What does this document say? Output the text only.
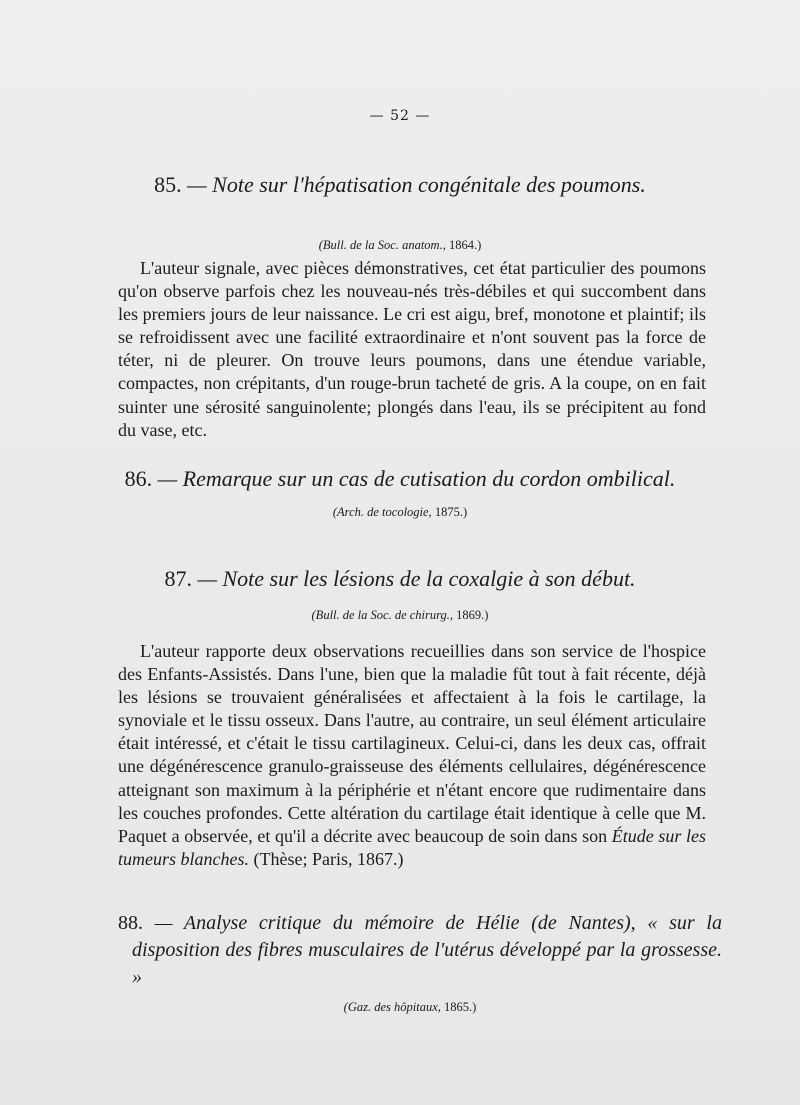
— 52 —
85. — Note sur l'hépatisation congénitale des poumons.
(Bull. de la Soc. anatom., 1864.)

L'auteur signale, avec pièces démonstratives, cet état particulier des poumons qu'on observe parfois chez les nouveau-nés très-débiles et qui succombent dans les premiers jours de leur naissance. Le cri est aigu, bref, monotone et plaintif; ils se refroidissent avec une facilité extraordinaire et n'ont souvent pas la force de téter, ni de pleurer. On trouve leurs poumons, dans une étendue variable, compactes, non crépitants, d'un rouge-brun tacheté de gris. A la coupe, on en fait suinter une sérosité sanguinolente; plongés dans l'eau, ils se précipitent au fond du vase, etc.

86. — Remarque sur un cas de cutisation du cordon ombilical.
(Arch. de tocologie, 1875.)
87. — Note sur les lésions de la coxalgie à son début.
(Bull. de la Soc. de chirurg., 1869.)

L'auteur rapporte deux observations recueillies dans son service de l'hospice des Enfants-Assistés. Dans l'une, bien que la maladie fût tout à fait récente, déjà les lésions se trouvaient généralisées et affectaient à la fois le cartilage, la synoviale et le tissu osseux. Dans l'autre, au contraire, un seul élément articulaire était intéressé, et c'était le tissu cartilagineux. Celui-ci, dans les deux cas, offrait une dégénérescence granulo-graisseuse des éléments cellulaires, dégénérescence atteignant son maximum à la périphérie et n'étant encore que rudimentaire dans les couches profondes. Cette altération du cartilage était identique à celle que M. Paquet a observée, et qu'il a décrite avec beaucoup de soin dans son Étude sur les tumeurs blanches. (Thèse; Paris, 1867.)

88. — Analyse critique du mémoire de Hélie (de Nantes), « sur la disposition des fibres musculaires de l'utérus développé par la grossesse. »

(Gaz. des hôpitaux, 1865.)
